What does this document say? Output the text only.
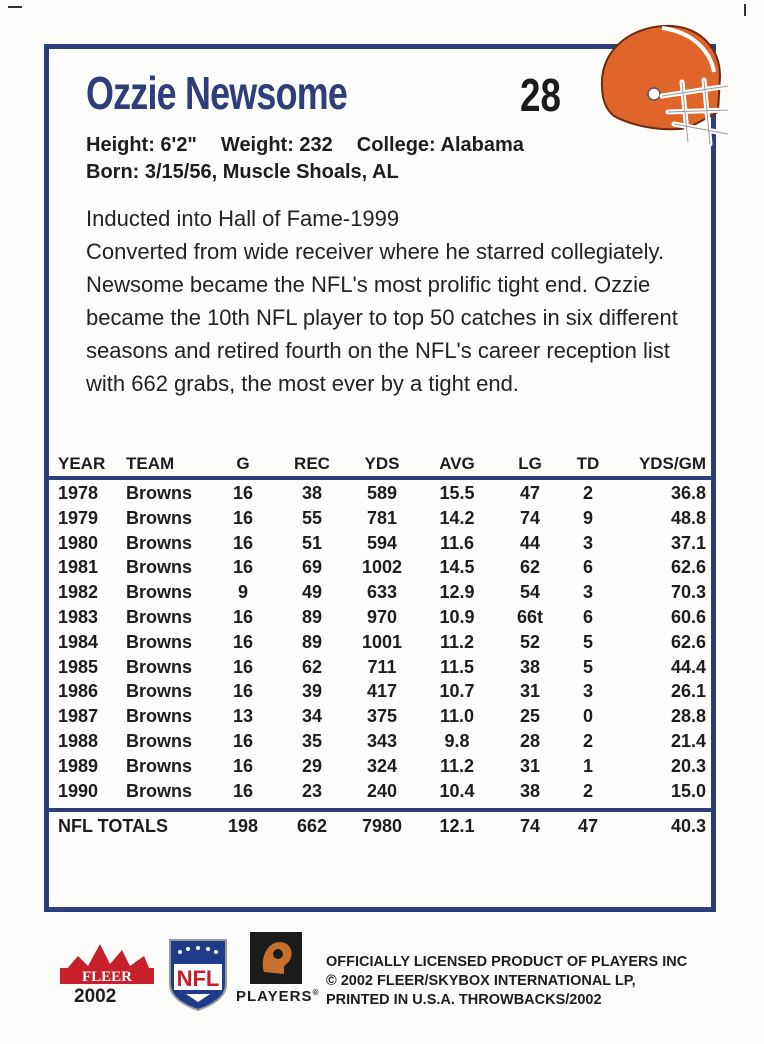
Ozzie Newsome	28
Height: 6'2" Weight: 232 College: Alabama
Born: 3/15/56, Muscle Shoals, AL

Inducted into Hall of Fame-1999

Converted from wide receiver where he starred collegiately. Newsome became the NFL's most prolific tight end. Ozzie became the 10th NFL player to top 50 catches in six different seasons and retired fourth on the NFL's career reception list with 662 grabs, the most ever by a tight end.

YEAR TEAM	G	REC	YDS	AVG	LG	TD	YDS/GM
1978 Browns	16	38	589	15.5	47	2	36.8
1979 Browns	16	55	781	14.2	74	9	48.8
1980 Browns	16	51	594	11.6	44	3	37.1
1981 Browns	16	69	1002	14.5	62	6	62.6
1982 Browns	9	49	633	12.9	54	3	70.3
1983 Browns	16	89	970	10.9	66t	6	60.6
1984 Browns	16	89	1001	11.2	52	5	62.6
1985 Browns	16	62	711	11.5	38	5	44.4
1986 Browns	16	39	417	10.7	31	3	26.1
1987 Browns	13	34	375	11.0	25	0	28.8
1988 Browns	16	35	343	9.8	28	2	21.4
1989 Browns	16	29	324	11.2	31	1	20.3
1990 Browns	16	23	240	10.4	38	2	15.0
NFL TOTALS	198	662	7980	12.1	74	47	40.3
FLEER
2002
NFL
PLAYERS®
OFFICIALLY LICENSED PRODUCT OF PLAYERS INC
© 2002 FLEER/SKYBOX INTERNATIONAL LP,
PRINTED IN U.S.A. THROWBACKS/2002
